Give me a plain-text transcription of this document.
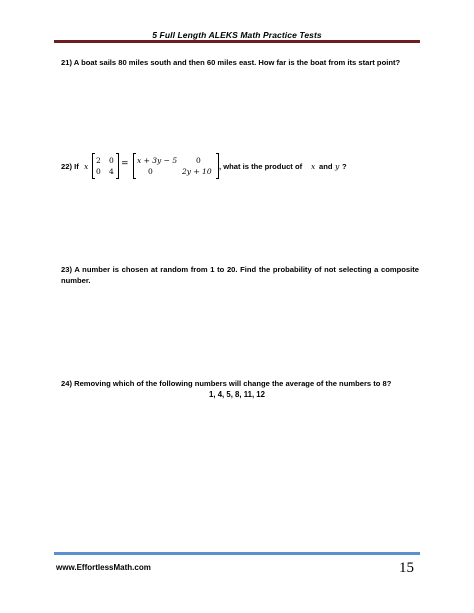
5 Full Length ALEKS Math Practice Tests
21) A boat sails 80 miles south and then 60 miles east. How far is the boat from its start point?
22) If x
2 0
0 4
= x + 3y − 5	0
0	2y + 10
, what is the product of x and y ?
23) A number is chosen at random from 1 to 20. Find the probability of not selecting a composite number.
24) Removing which of the following numbers will change the average of the numbers to 8?
1, 4, 5, 8, 11, 12
www.EffortlessMath.com	15
